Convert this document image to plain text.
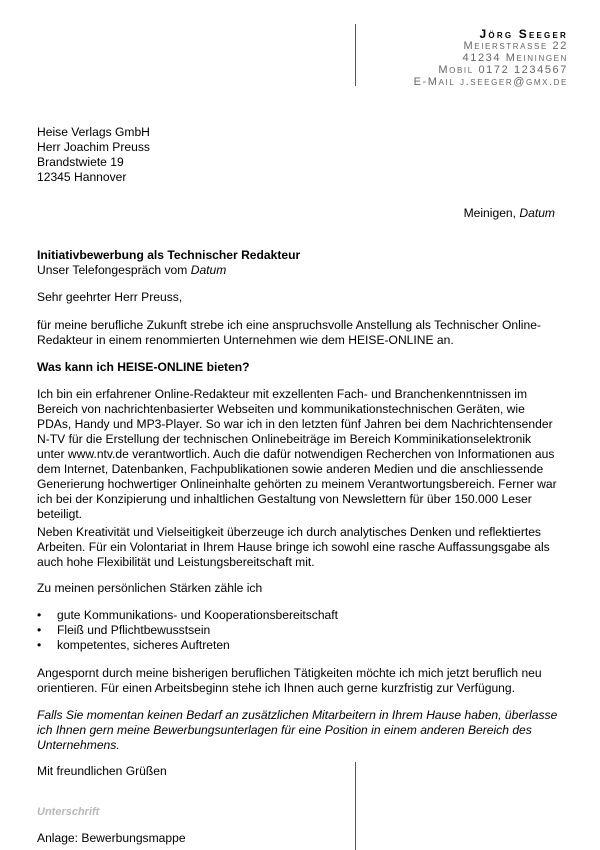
Jörg Seeger
Meierstrasse 22
41234 Meiningen
Mobil 0172 1234567
E-Mail j.seeger@gmx.de
Heise Verlags GmbH
Herr Joachim Preuss
Brandstwiete 19
12345 Hannover
Meinigen, Datum
Initiativbewerbung als Technischer Redakteur
Unser Telefongespräch vom Datum
Sehr geehrter Herr Preuss,

für meine berufliche Zukunft strebe ich eine anspruchsvolle Anstellung als Technischer Online-
Redakteur in einem renommierten Unternehmen wie dem HEISE-ONLINE an.

Was kann ich HEISE-ONLINE bieten?

Ich bin ein erfahrener Online-Redakteur mit exzellenten Fach- und Branchenkenntnissen im
Bereich von nachrichtenbasierter Webseiten und kommunikationstechnischen Geräten, wie
PDAs, Handy und MP3-Player. So war ich in den letzten fünf Jahren bei dem Nachrichtensender
N-TV für die Erstellung der technischen Onlinebeiträge im Bereich Komminikationselektronik
unter www.ntv.de verantwortlich. Auch die dafür notwendigen Recherchen von Informationen aus
dem Internet, Datenbanken, Fachpublikationen sowie anderen Medien und die anschliessende
Generierung hochwertiger Onlineinhalte gehörten zu meinem Verantwortungsbereich. Ferner war
ich bei der Konzipierung und inhaltlichen Gestaltung von Newslettern für über 150.000 Leser
beteiligt.

Neben Kreativität und Vielseitigkeit überzeuge ich durch analytisches Denken und reflektiertes
Arbeiten. Für ein Volontariat in Ihrem Hause bringe ich sowohl eine rasche Auffassungsgabe als
auch hohe Flexibilität und Leistungsbereitschaft mit.

Zu meinen persönlichen Stärken zähle ich
• gute Kommunikations- und Kooperationsbereitschaft
• Fleiß und Pflichtbewusstsein
• kompetentes, sicheres Auftreten

Angespornt durch meine bisherigen beruflichen Tätigkeiten möchte ich mich jetzt beruflich neu
orientieren. Für einen Arbeitsbeginn stehe ich Ihnen auch gerne kurzfristig zur Verfügung.

Falls Sie momentan keinen Bedarf an zusätzlichen Mitarbeitern in Ihrem Hause haben, überlasse
ich Ihnen gern meine Bewerbungsunterlagen für eine Position in einem anderen Bereich des
Unternehmens.

Mit freundlichen Grüßen
Unterschrift
Anlage: Bewerbungsmappe
